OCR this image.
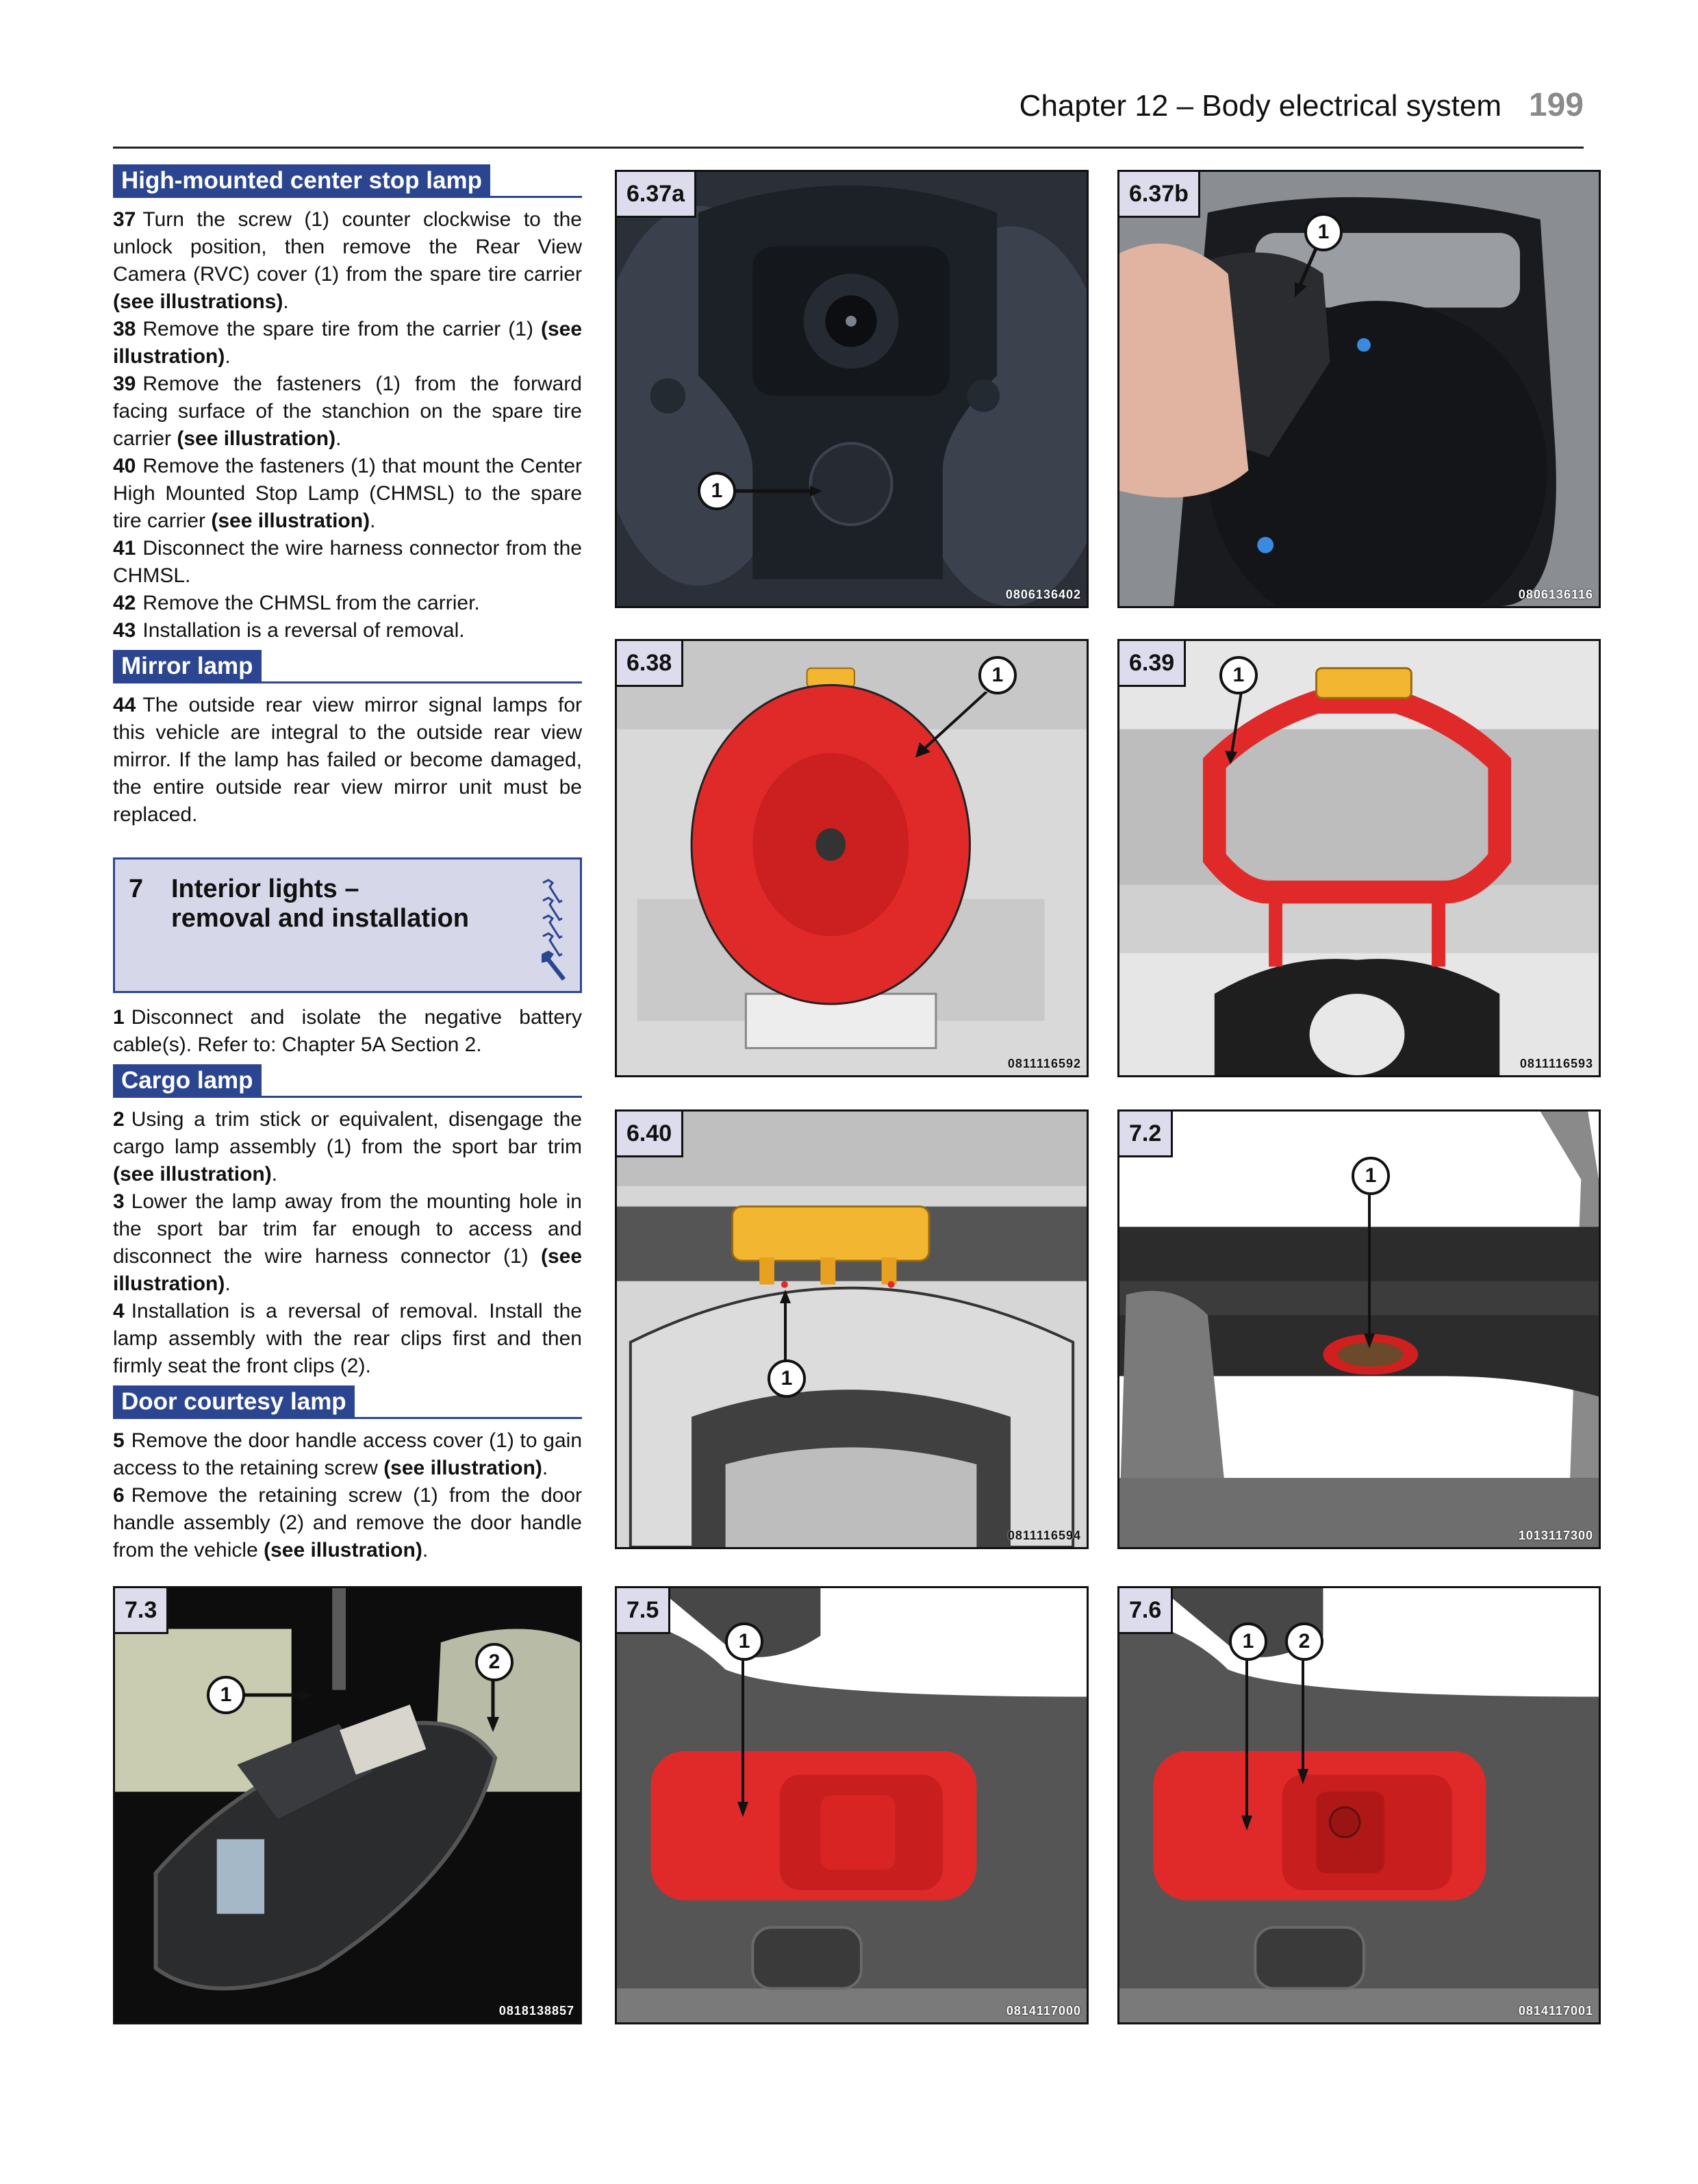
Chapter 12 – Body electrical system 199
High-mounted center stop lamp

37 Turn the screw (1) counter clockwise to the unlock position, then remove the Rear View Camera (RVC) cover (1) from the spare tire carrier (see illustrations).

38 Remove the spare tire from the carrier (1) (see illustration).

39 Remove the fasteners (1) from the forward facing surface of the stanchion on the spare tire carrier (see illustration).

40 Remove the fasteners (1) that mount the Center High Mounted Stop Lamp (CHMSL) to the spare tire carrier (see illustration).

41 Disconnect the wire harness connector from the CHMSL.

42 Remove the CHMSL from the carrier.

43 Installation is a reversal of removal.

Mirror lamp

44 The outside rear view mirror signal lamps for this vehicle are integral to the outside rear view mirror. If the lamp has failed or become damaged, the entire outside rear view mirror unit must be replaced.

7 Interior lights –
removal and installation

1 Disconnect and isolate the negative battery cable(s). Refer to: Chapter 5A Section 2.

Cargo lamp

2 Using a trim stick or equivalent, disengage the cargo lamp assembly (1) from the sport bar trim (see illustration).

3 Lower the lamp away from the mounting hole in the sport bar trim far enough to access and disconnect the wire harness connector (1) (see illustration).

4 Installation is a reversal of removal. Install the lamp assembly with the rear clips first and then firmly seat the front clips (2).

Door courtesy lamp

5 Remove the door handle access cover (1) to gain access to the retaining screw (see illustration).

6 Remove the retaining screw (1) from the door handle assembly (2) and remove the door handle from the vehicle (see illustration).

6.37a
1
0806136402
6.37b
1
0806136116
6.38	1
0811116592
6.39	1
0811116593
6.40
1
0811116594
7.2
1
1013117300
7.3
1
2
0818138857
7.5
1
0814117000
7.6
1	2
0814117001
